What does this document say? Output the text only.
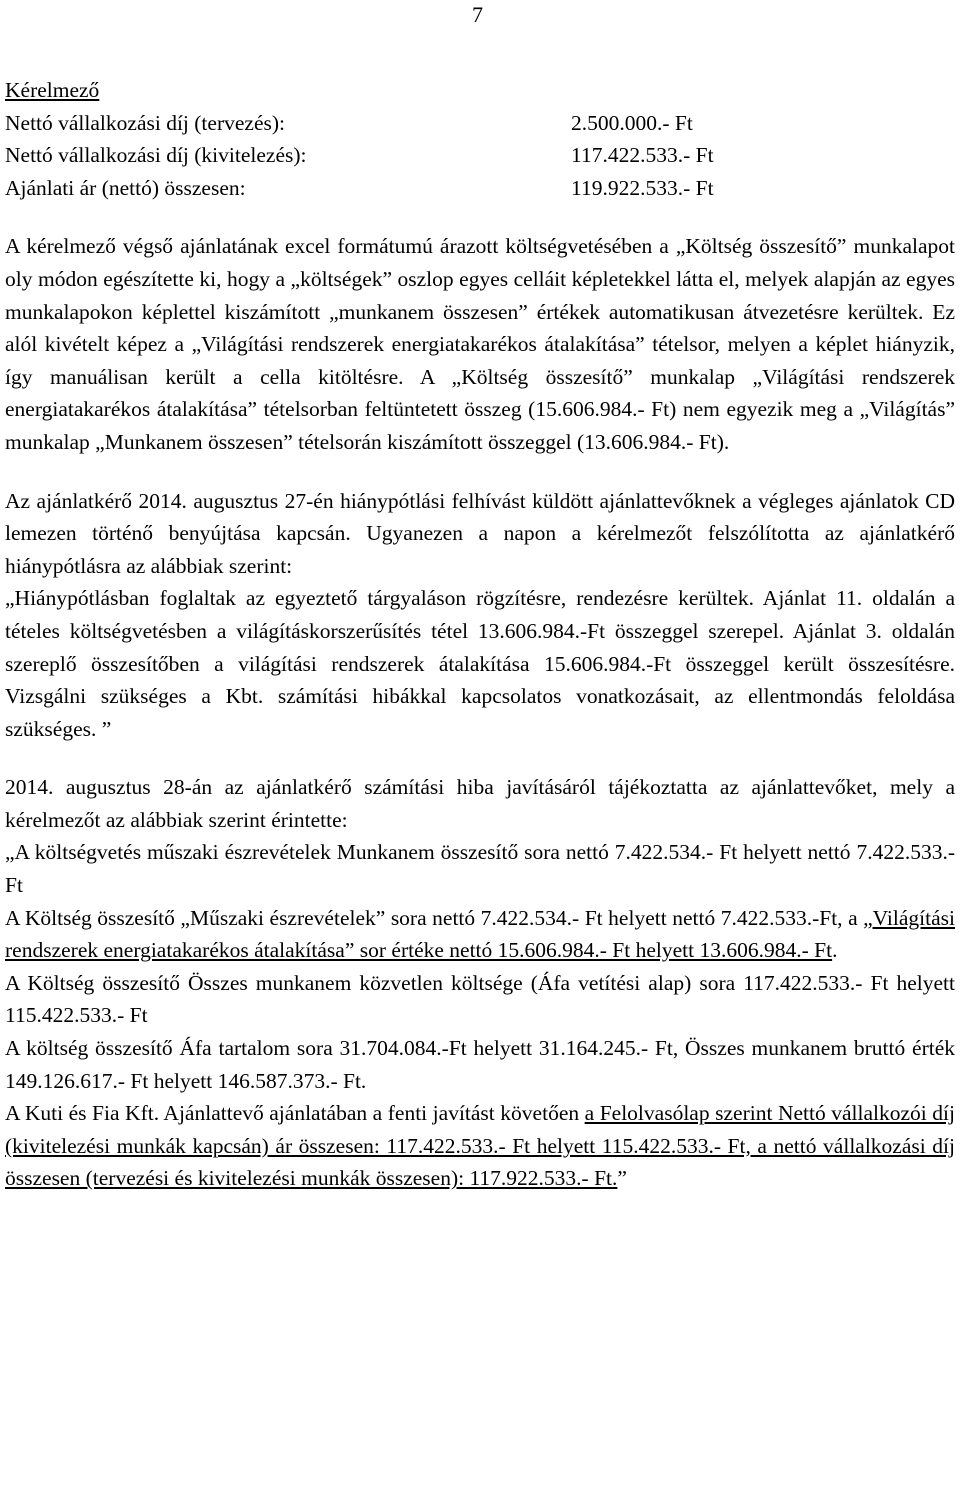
7
Kérelmező
Nettó vállalkozási díj (tervezés):	2.500.000.- Ft
Nettó vállalkozási díj (kivitelezés):	117.422.533.- Ft
Ajánlati ár (nettó) összesen:	119.922.533.- Ft

A kérelmező végső ajánlatának excel formátumú árazott költségvetésében a „Költség összesítő” munkalapot oly módon egészítette ki, hogy a „költségek” oszlop egyes celláit képletekkel látta el, melyek alapján az egyes munkalapokon képlettel kiszámított „munkanem összesen” értékek automatikusan átvezetésre kerültek. Ez alól kivételt képez a „Világítási rendszerek energiatakarékos átalakítása” tételsor, melyen a képlet hiányzik, így manuálisan került a cella kitöltésre. A „Költség összesítő” munkalap „Világítási rendszerek energiatakarékos átalakítása” tételsorban feltüntetett összeg (15.606.984.- Ft) nem egyezik meg a „Világítás” munkalap „Munkanem összesen” tételsorán kiszámított összeggel (13.606.984.- Ft).

Az ajánlatkérő 2014. augusztus 27-én hiánypótlási felhívást küldött ajánlattevőknek a végleges ajánlatok CD lemezen történő benyújtása kapcsán. Ugyanezen a napon a kérelmezőt felszólította az ajánlatkérő hiánypótlásra az alábbiak szerint:

„Hiánypótlásban foglaltak az egyeztető tárgyaláson rögzítésre, rendezésre kerültek. Ajánlat 11. oldalán a tételes költségvetésben a világításkorszerűsítés tétel 13.606.984.-Ft összeggel szerepel. Ajánlat 3. oldalán szereplő összesítőben a világítási rendszerek átalakítása 15.606.984.-Ft összeggel került összesítésre. Vizsgálni szükséges a Kbt. számítási hibákkal kapcsolatos vonatkozásait, az ellentmondás feloldása szükséges. ”

2014. augusztus 28-án az ajánlatkérő számítási hiba javításáról tájékoztatta az ajánlattevőket, mely a kérelmezőt az alábbiak szerint érintette:

„A költségvetés műszaki észrevételek Munkanem összesítő sora nettó 7.422.534.- Ft helyett nettó 7.422.533.- Ft

A Költség összesítő „Műszaki észrevételek” sora nettó 7.422.534.- Ft helyett nettó 7.422.533.-Ft, a „Világítási rendszerek energiatakarékos átalakítása” sor értéke nettó 15.606.984.- Ft helyett 13.606.984.- Ft.

A Költség összesítő Összes munkanem közvetlen költsége (Áfa vetítési alap) sora 117.422.533.- Ft helyett 115.422.533.- Ft

A költség összesítő Áfa tartalom sora 31.704.084.-Ft helyett 31.164.245.- Ft, Összes munkanem bruttó érték 149.126.617.- Ft helyett 146.587.373.- Ft.

A Kuti és Fia Kft. Ajánlattevő ajánlatában a fenti javítást követően a Felolvasólap szerint Nettó vállalkozói díj (kivitelezési munkák kapcsán) ár összesen: 117.422.533.- Ft helyett 115.422.533.- Ft, a nettó vállalkozási díj összesen (tervezési és kivitelezési munkák összesen): 117.922.533.- Ft.”
